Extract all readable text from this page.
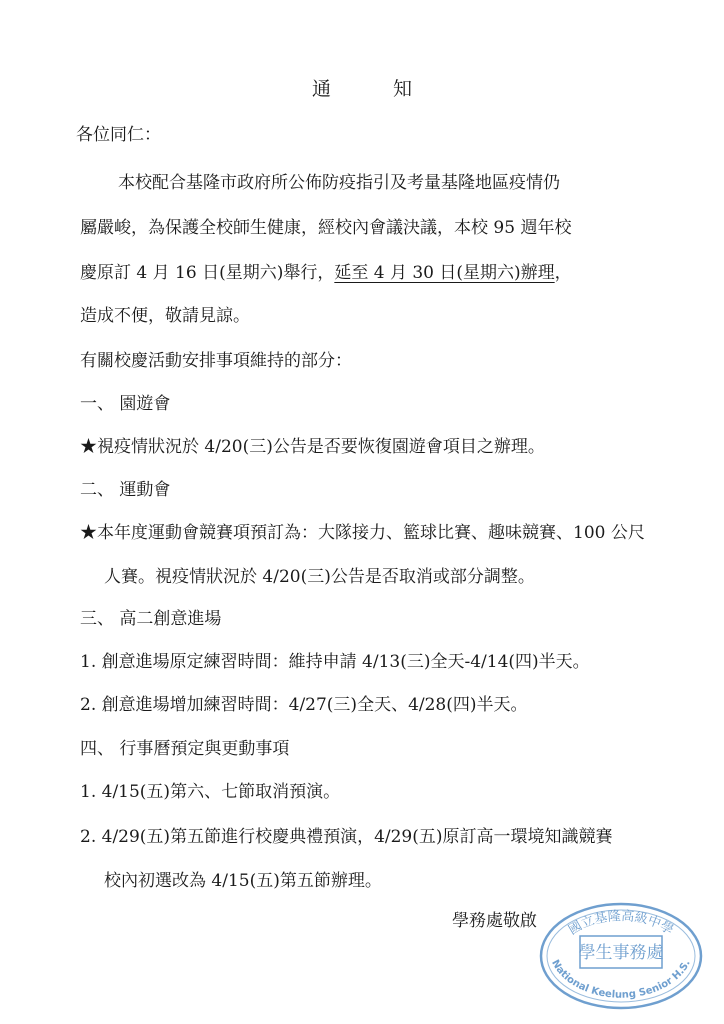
通 知
各位同仁：
本校配合基隆市政府所公佈防疫指引及考量基隆地區疫情仍
屬嚴峻，為保護全校師生健康，經校內會議決議，本校 95 週年校
慶原訂 4 月 16 日(星期六)舉行，延至 4 月 30 日(星期六)辦理，
造成不便，敬請見諒。
有關校慶活動安排事項維持的部分：
一、 園遊會
★視疫情狀況於 4/20(三)公告是否要恢復園遊會項目之辦理。
二、 運動會
★本年度運動會競賽項預訂為：大隊接力、籃球比賽、趣味競賽、100 公尺
人賽。視疫情狀況於 4/20(三)公告是否取消或部分調整。
三、 高二創意進場
1. 創意進場原定練習時間：維持申請 4/13(三)全天-4/14(四)半天。
2. 創意進場增加練習時間：4/27(三)全天、4/28(四)半天。
四、 行事曆預定與更動事項
1. 4/15(五)第六、七節取消預演。
2. 4/29(五)第五節進行校慶典禮預演，4/29(五)原訂高一環境知識競賽
校內初選改為 4/15(五)第五節辦理。
學務處敬啟 國立基隆高級中學
學生事務處
National Keelung Senior H.S.
